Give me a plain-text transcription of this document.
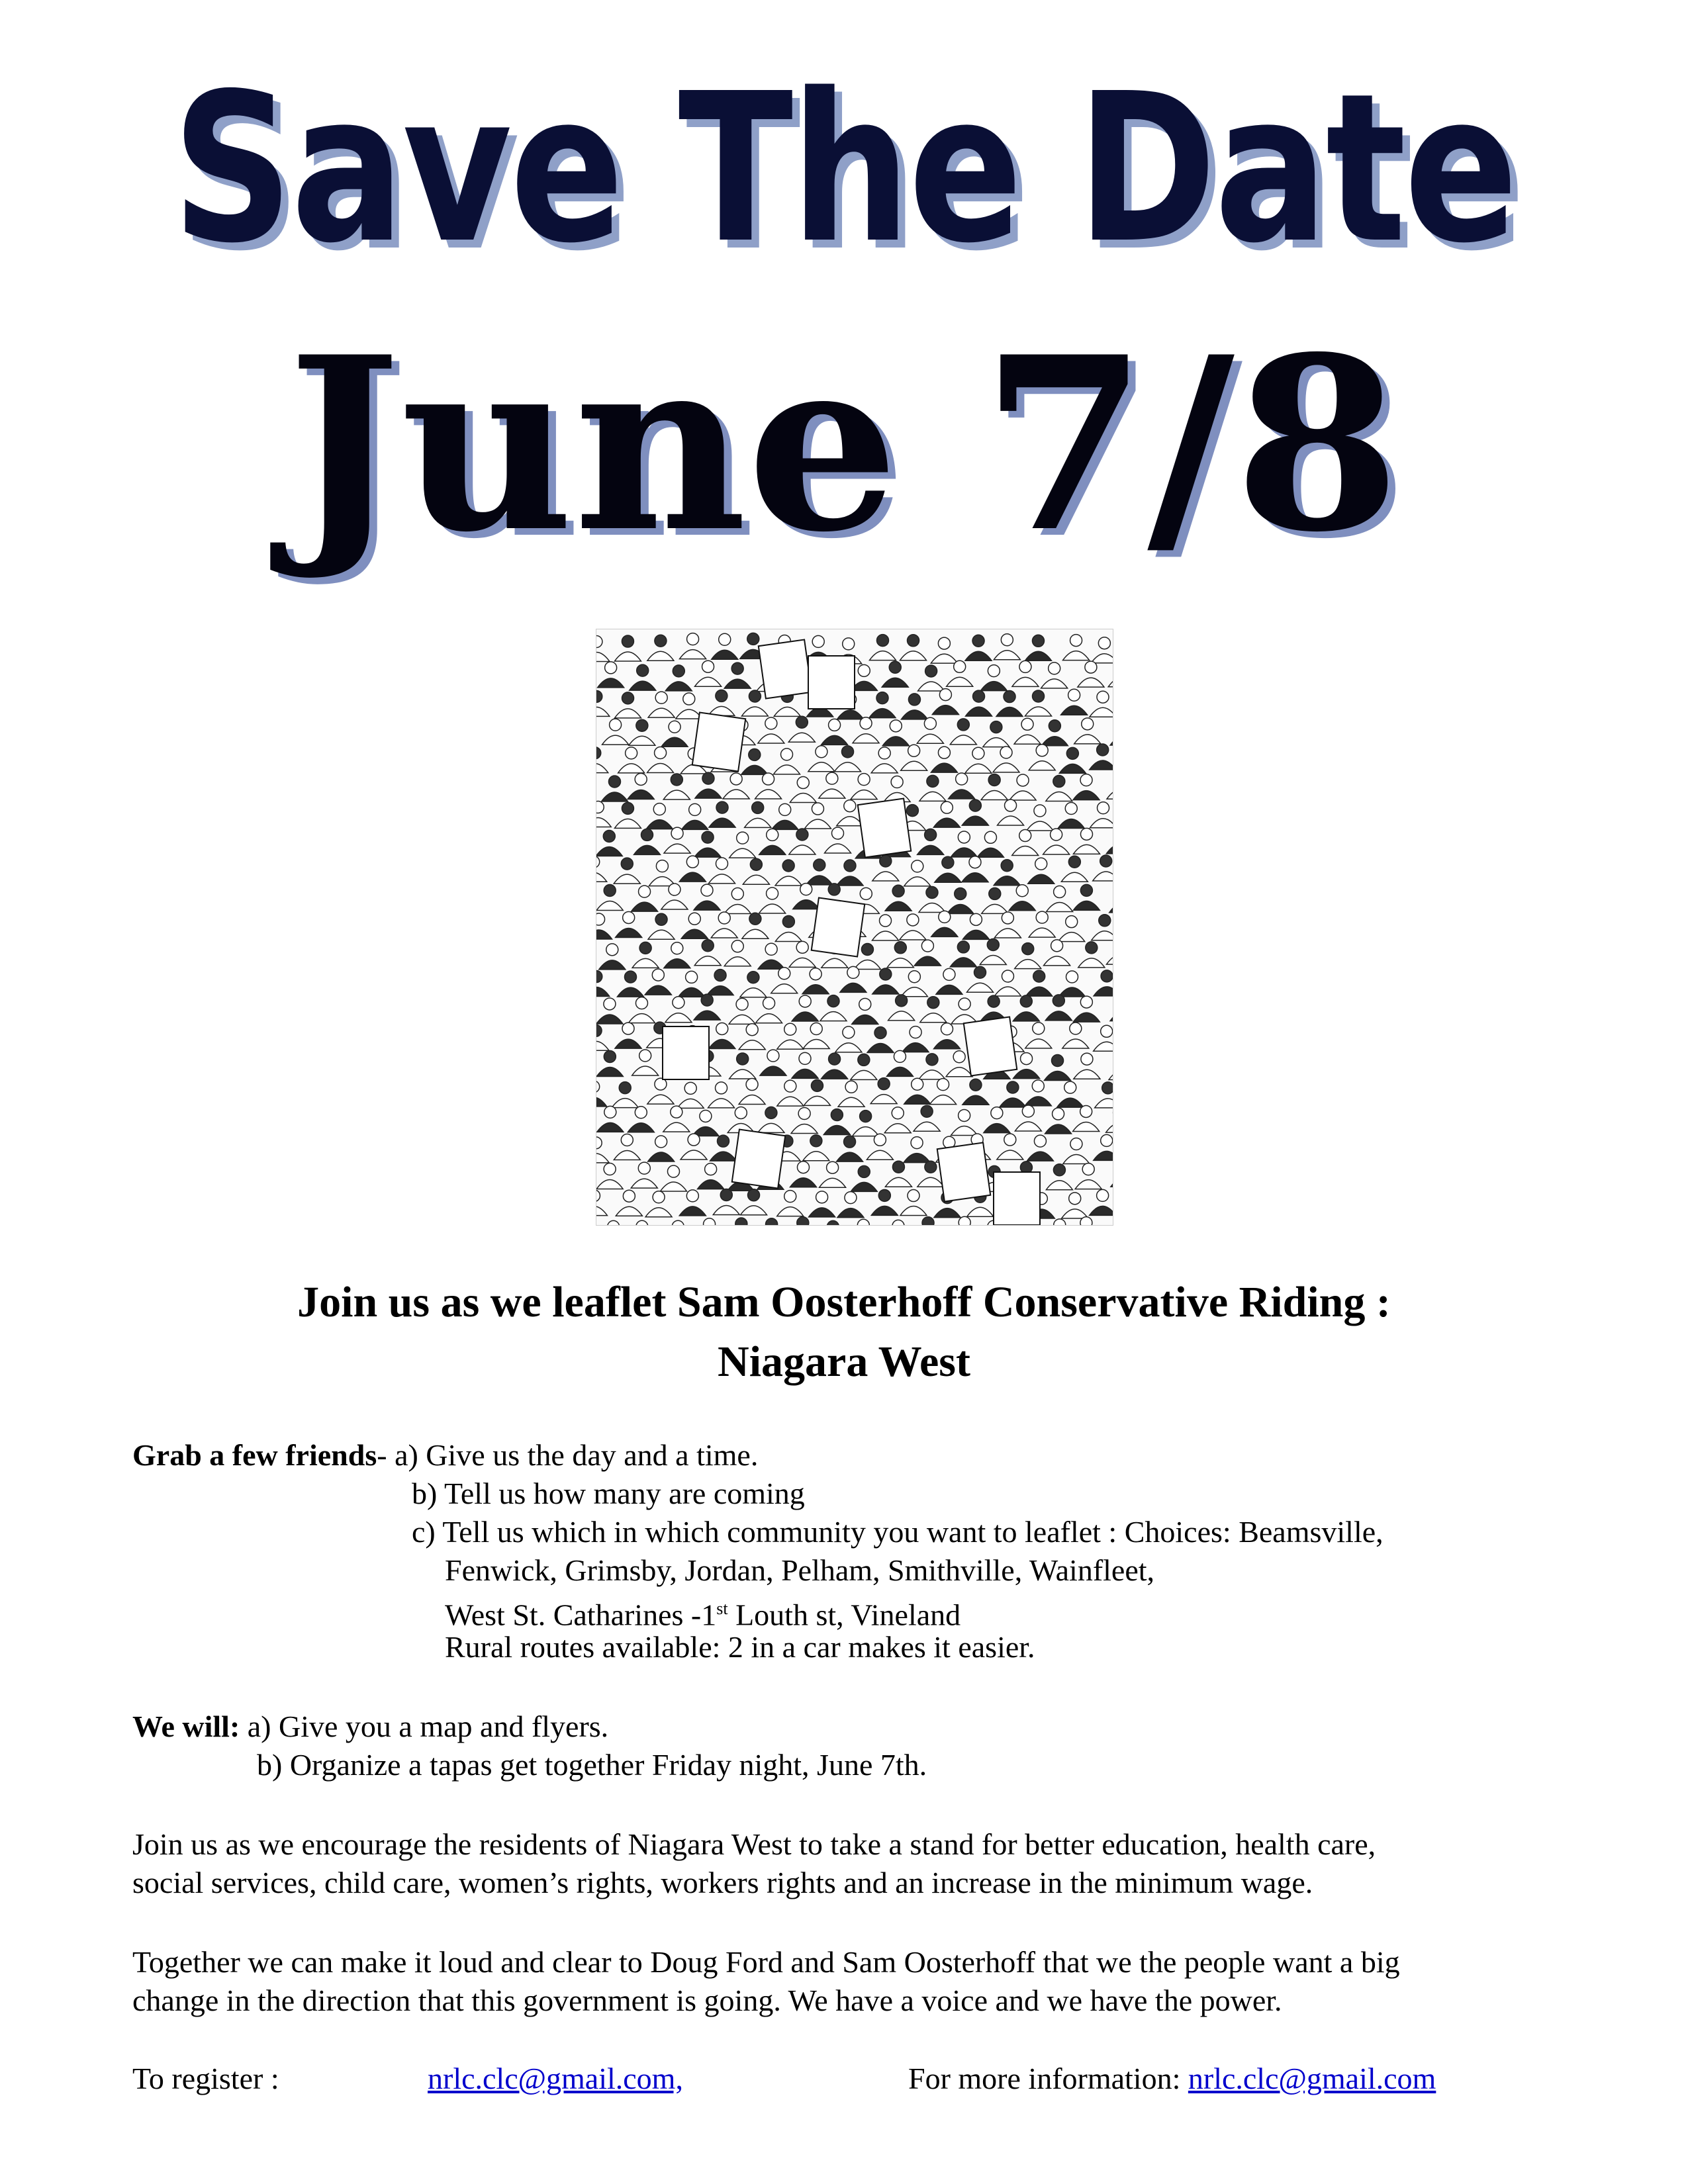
Save The Date
June 7/8
Join us as we leaflet Sam Oosterhoff Conservative Riding :
Niagara West
Grab a few friends- a) Give us the day and a time.
b) Tell us how many are coming
c) Tell us which in which community you want to leaflet : Choices: Beamsville,
Fenwick, Grimsby, Jordan, Pelham, Smithville, Wainfleet,
West St. Catharines -1st Louth st, Vineland
Rural routes available: 2 in a car makes it easier.
We will: a) Give you a map and flyers.
b) Organize a tapas get together Friday night, June 7th.
Join us as we encourage the residents of Niagara West to take a stand for better education, health care,
social services, child care, women’s rights, workers rights and an increase in the minimum wage.
Together we can make it loud and clear to Doug Ford and Sam Oosterhoff that we the people want a big
change in the direction that this government is going. We have a voice and we have the power.
To register :	nrlc.clc@gmail.com,	For more information: nrlc.clc@gmail.com
